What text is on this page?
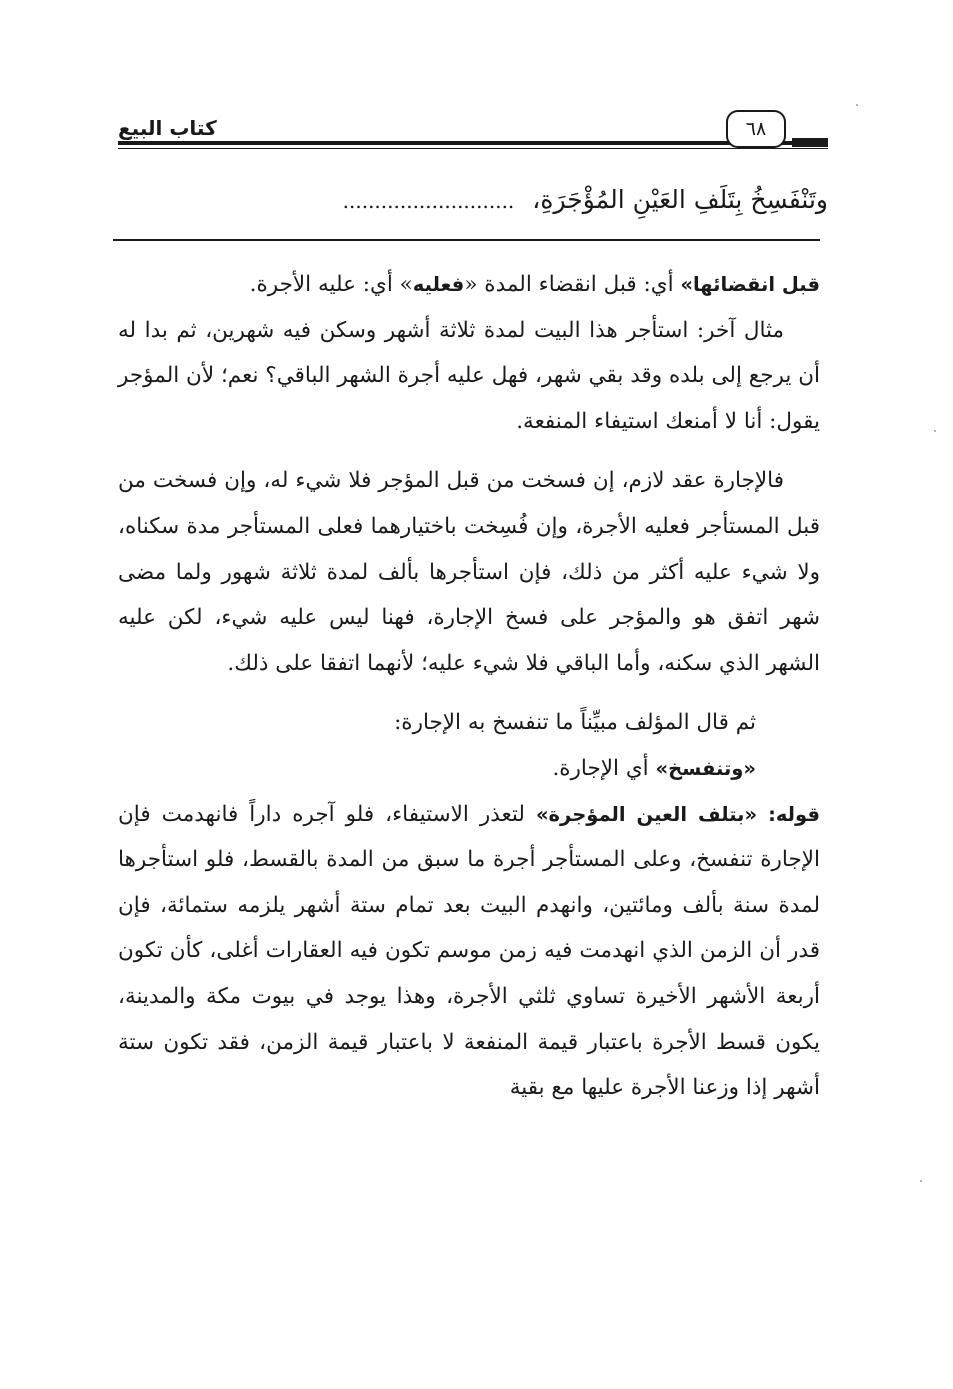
كتاب البيع	٦٨
وتَنْفَسِخُ بِتَلَفِ العَيْنِ المُؤْجَرَةِ،...........................

قبل انقضائها» أي: قبل انقضاء المدة «فعليه» أي: عليه الأجرة.

مثال آخر: استأجر هذا البيت لمدة ثلاثة أشهر وسكن فيه شهرين، ثم بدا له أن يرجع إلى بلده وقد بقي شهر، فهل عليه أجرة الشهر الباقي؟ نعم؛ لأن المؤجر يقول: أنا لا أمنعك استيفاء المنفعة.

فالإجارة عقد لازم، إن فسخت من قبل المؤجر فلا شيء له، وإن فسخت من قبل المستأجر فعليه الأجرة، وإن فُسِخت باختيارهما فعلى المستأجر مدة سكناه، ولا شيء عليه أكثر من ذلك، فإن استأجرها بألف لمدة ثلاثة شهور ولما مضى شهر اتفق هو والمؤجر على فسخ الإجارة، فهنا ليس عليه شيء، لكن عليه الشهر الذي سكنه، وأما الباقي فلا شيء عليه؛ لأنهما اتفقا على ذلك.

ثم قال المؤلف مبيِّناً ما تنفسخ به الإجارة:

«وتنفسخ» أي الإجارة.

قوله: «بتلف العين المؤجرة» لتعذر الاستيفاء، فلو آجره داراً فانهدمت فإن الإجارة تنفسخ، وعلى المستأجر أجرة ما سبق من المدة بالقسط، فلو استأجرها لمدة سنة بألف ومائتين، وانهدم البيت بعد تمام ستة أشهر يلزمه ستمائة، فإن قدر أن الزمن الذي انهدمت فيه زمن موسم تكون فيه العقارات أغلى، كأن تكون أربعة الأشهر الأخيرة تساوي ثلثي الأجرة، وهذا يوجد في بيوت مكة والمدينة، يكون قسط الأجرة باعتبار قيمة المنفعة لا باعتبار قيمة الزمن، فقد تكون ستة أشهر إذا وزعنا الأجرة عليها مع بقية
